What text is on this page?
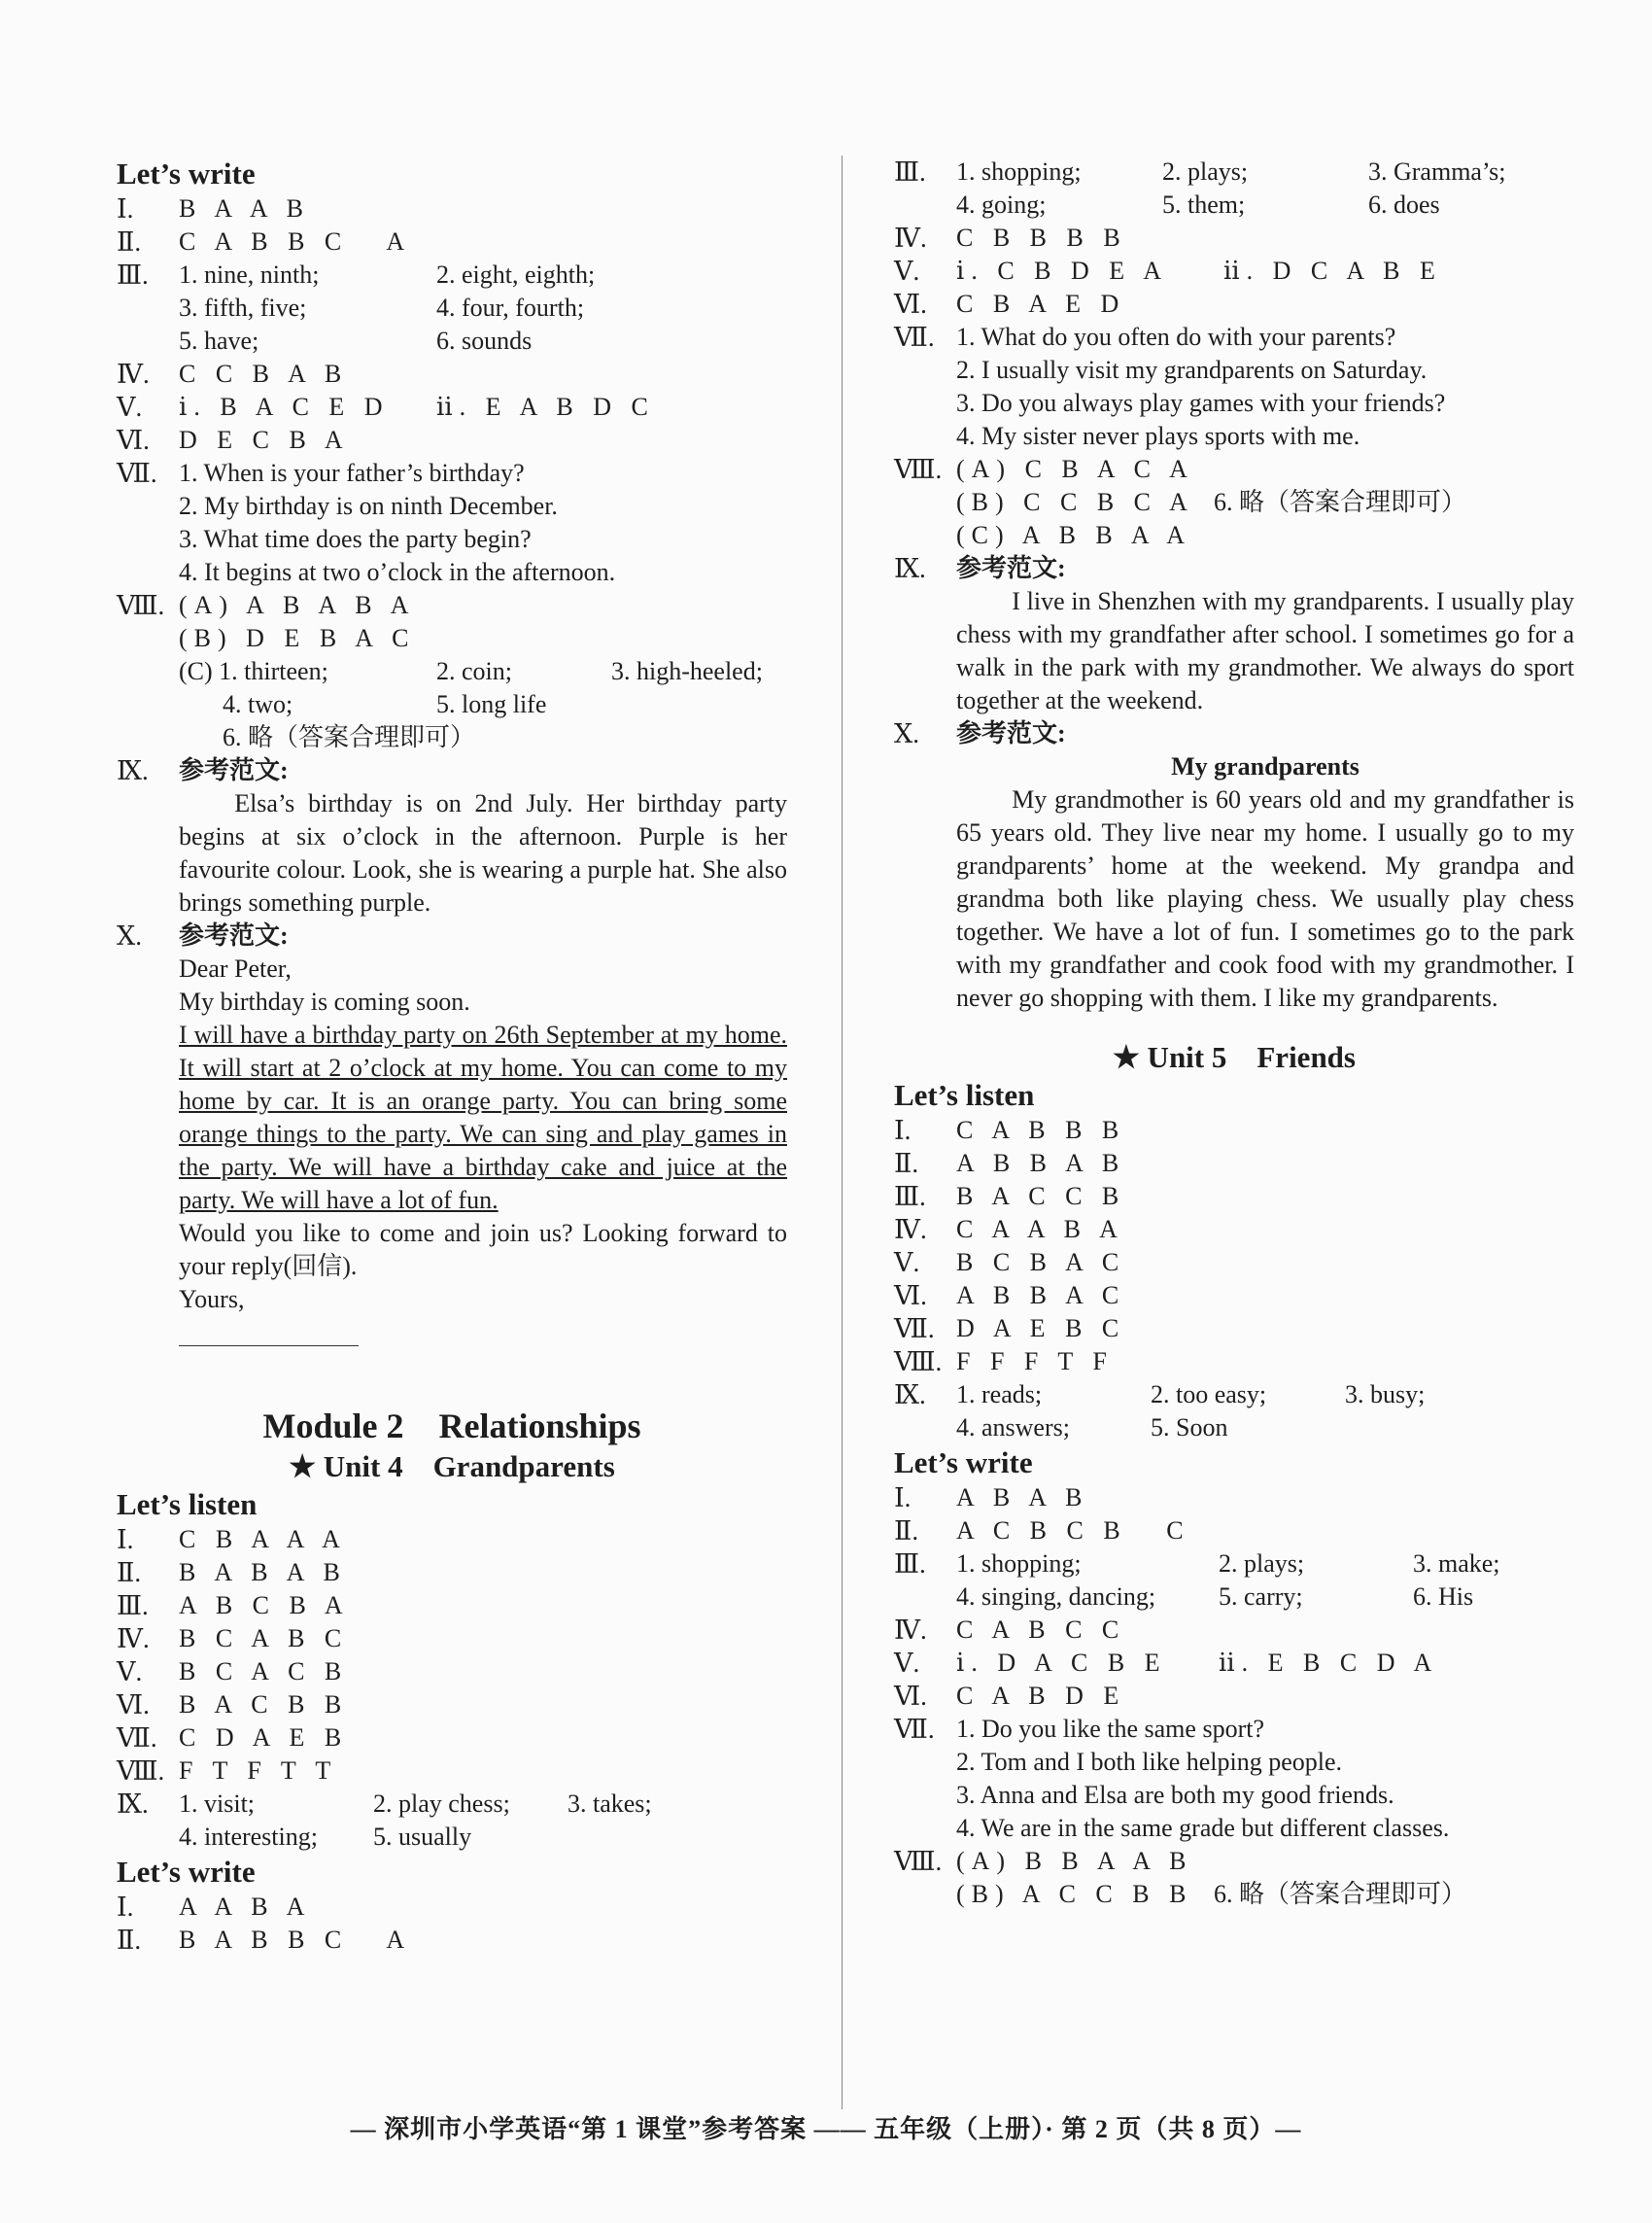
Let’s write

Ⅰ.	B A A B
Ⅱ.	C A B B C   A
Ⅲ.	1. nine, ninth;	2. eight, eighth;
3. fifth, five;	4. four, fourth;
5. have;	6. sounds
Ⅳ.	C C B A B
Ⅴ.	ⅰ. B A C E D	ⅱ. E A B D C
Ⅵ.	D E C B A
Ⅶ. 1. When is your father’s birthday?
2. My birthday is on ninth December.
3. What time does the party begin?
4. It begins at two o’clock in the afternoon.
Ⅷ. (A) A B A B A
(B) D E B A C
(C) 1. thirteen;	2. coin;	3. high-heeled;
4. two;	5. long life
6. 略（答案合理即可）
Ⅸ.	参考范文:
Elsa’s birthday is on 2nd July. Her birthday party begins at six o’clock in the afternoon. Purple is her favourite colour. Look, she is wearing a purple hat. She also brings something purple.
Ⅹ.	参考范文:
Dear Peter,
My birthday is coming soon.
I will have a birthday party on 26th September at my home. It will start at 2 o’clock at my home. You can come to my home by car. It is an orange party. You can bring some orange things to the party. We can sing and play games in the party. We will have a birthday cake and juice at the party. We will have a lot of fun.
Would you like to come and join us? Looking forward to your reply(回信).
Yours,
Module 2    Relationships
★ Unit 4    Grandparents

Let’s listen

Ⅰ.	C B A A A
Ⅱ.	B A B A B
Ⅲ.	A B C B A
Ⅳ.	B C A B C
Ⅴ.	B C A C B
Ⅵ.	B A C B B
Ⅶ. C D A E B
Ⅷ. F T F T T
Ⅸ.	1. visit;	2. play chess;	3. takes;
4. interesting;	5. usually

Let’s write

Ⅰ.	A A B A
Ⅱ.	B A B B C   A
Ⅲ.	1. shopping;	2. plays;	3. Gramma’s;
4. going;	5. them;	6. does
Ⅳ.	C B B B B
Ⅴ.	ⅰ. C B D E A	ⅱ. D C A B E
Ⅵ.	C B A E D
Ⅶ. 1. What do you often do with your parents?
2. I usually visit my grandparents on Saturday.
3. Do you always play games with your friends?
4. My sister never plays sports with me.
Ⅷ. (A) C B A C A
(B) C C B C A 6. 略（答案合理即可）
(C) A B B A A
Ⅸ.	参考范文:
I live in Shenzhen with my grandparents. I usually play chess with my grandfather after school. I sometimes go for a walk in the park with my grandmother. We always do sport together at the weekend.
Ⅹ.	参考范文:
My grandparents
My grandmother is 60 years old and my grandfather is 65 years old. They live near my home. I usually go to my grandparents’ home at the weekend. My grandpa and grandma both like playing chess. We usually play chess together. We have a lot of fun. I sometimes go to the park with my grandfather and cook food with my grandmother. I never go shopping with them. I like my grandparents.
★ Unit 5    Friends

Let’s listen

Ⅰ.	C A B B B
Ⅱ.	A B B A B
Ⅲ.	B A C C B
Ⅳ.	C A A B A
Ⅴ.	B C B A C
Ⅵ.	A B B A C
Ⅶ. D A E B C
Ⅷ. F F F T F
Ⅸ.	1. reads;	2. too easy;	3. busy;
4. answers;	5. Soon

Let’s write

Ⅰ.	A B A B
Ⅱ.	A C B C B   C
Ⅲ.	1. shopping;	2. plays;	3. make;
4. singing, dancing;	5. carry;	6. His
Ⅳ.	C A B C C
Ⅴ.	ⅰ. D A C B E	ⅱ. E B C D A
Ⅵ.	C A B D E
Ⅶ. 1. Do you like the same sport?
2. Tom and I both like helping people.
3. Anna and Elsa are both my good friends.
4. We are in the same grade but different classes.
Ⅷ. (A) B B A A B
(B) A C C B B 6. 略（答案合理即可）
— 深圳市小学英语“第 1 课堂”参考答案 —— 五年级（上册）· 第 2 页（共 8 页）—
